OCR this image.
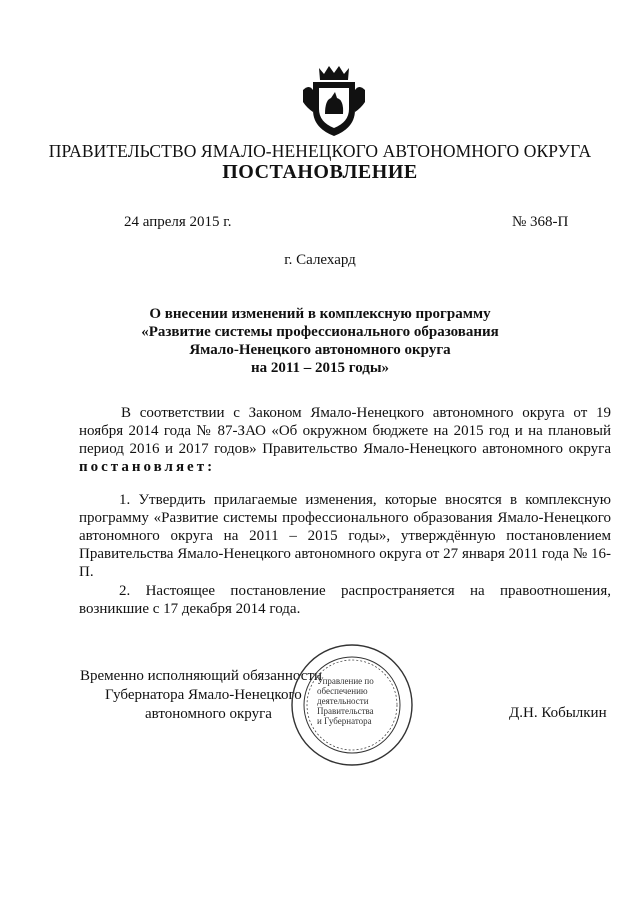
ПРАВИТЕЛЬСТВО ЯМАЛО-НЕНЕЦКОГО АВТОНОМНОГО ОКРУГА
ПОСТАНОВЛЕНИЕ
24 апреля 2015 г.	№ 368-П
г. Салехард
О внесении изменений в комплексную программу
«Развитие системы профессионального образования
Ямало-Ненецкого автономного округа
на 2011 – 2015 годы»
В соответствии с Законом Ямало-Ненецкого автономного округа от 19 ноября 2014 года № 87-ЗАО «Об окружном бюджете на 2015 год и на плановый период 2016 и 2017 годов» Правительство Ямало-Ненецкого автономного округа постановляет:
1. Утвердить прилагаемые изменения, которые вносятся в комплексную программу «Развитие системы профессионального образования Ямало-Ненецкого автономного округа на 2011 – 2015 годы», утверждённую постановлением Правительства Ямало-Ненецкого автономного округа от 27 января 2011 года № 16-П.
2. Настоящее постановление распространяется на правоотношения, возникшие с 17 декабря 2014 года.
Временно исполняющий обязанности
Губернатора Ямало-Ненецкого
автономного округа
Управление по
обеспечению
деятельности
Правительства
и Губернатора	Д.Н. Кобылкин
